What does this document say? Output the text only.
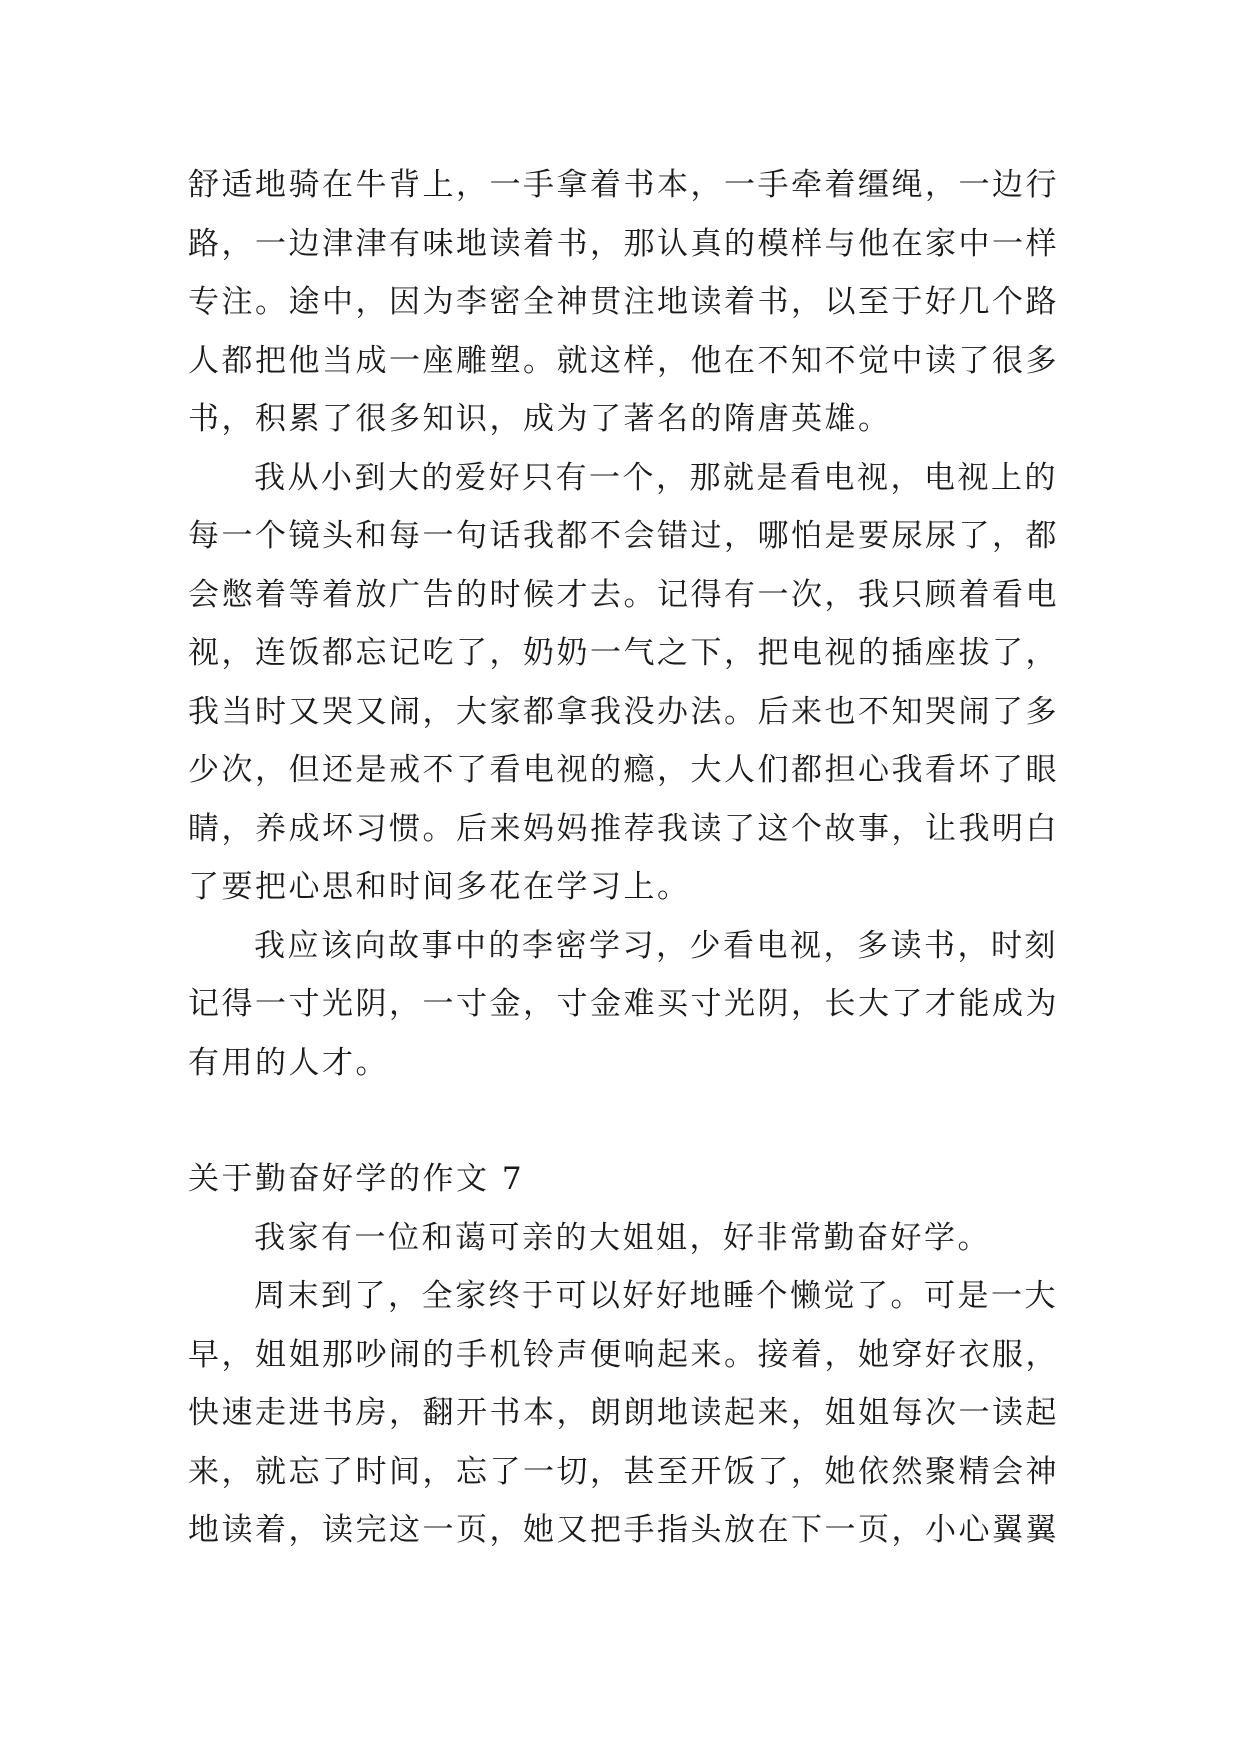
舒适地骑在牛背上，一手拿着书本，一手牵着缰绳，一边行
路，一边津津有味地读着书，那认真的模样与他在家中一样
专注。途中，因为李密全神贯注地读着书，以至于好几个路
人都把他当成一座雕塑。就这样，他在不知不觉中读了很多
书，积累了很多知识，成为了著名的隋唐英雄。
我从小到大的爱好只有一个，那就是看电视，电视上的
每一个镜头和每一句话我都不会错过，哪怕是要尿尿了，都
会憋着等着放广告的时候才去。记得有一次，我只顾着看电
视，连饭都忘记吃了，奶奶一气之下，把电视的插座拔了，
我当时又哭又闹，大家都拿我没办法。后来也不知哭闹了多
少次，但还是戒不了看电视的瘾，大人们都担心我看坏了眼
睛，养成坏习惯。后来妈妈推荐我读了这个故事，让我明白
了要把心思和时间多花在学习上。
我应该向故事中的李密学习，少看电视，多读书，时刻
记得一寸光阴，一寸金，寸金难买寸光阴，长大了才能成为
有用的人才。
关于勤奋好学的作文 7
我家有一位和蔼可亲的大姐姐，好非常勤奋好学。
周末到了，全家终于可以好好地睡个懒觉了。可是一大
早，姐姐那吵闹的手机铃声便响起来。接着，她穿好衣服，
快速走进书房，翻开书本，朗朗地读起来，姐姐每次一读起
来，就忘了时间，忘了一切，甚至开饭了，她依然聚精会神
地读着，读完这一页，她又把手指头放在下一页，小心翼翼
